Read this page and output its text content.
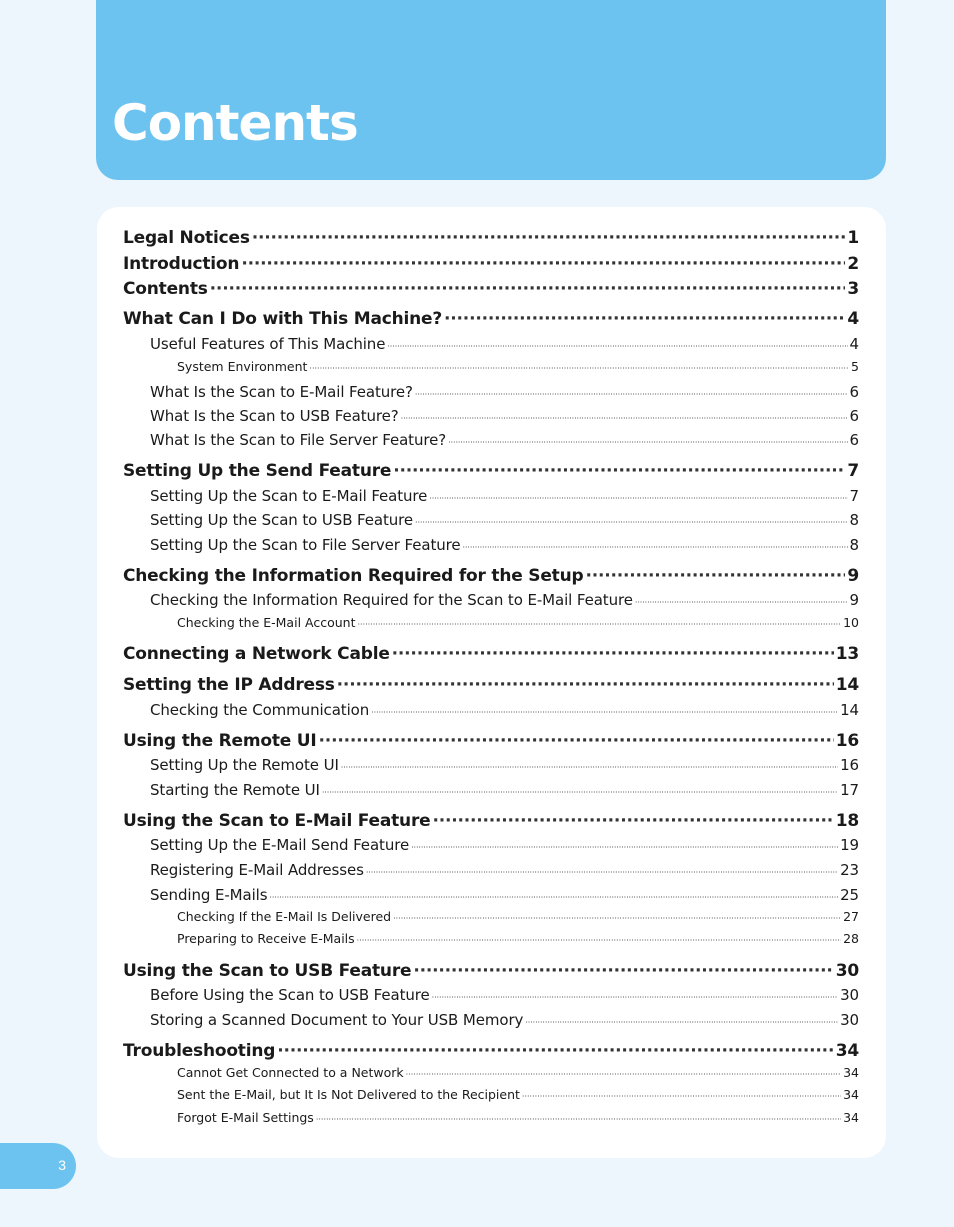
Contents
Legal Notices ·····	1
Introduction ·····	2
Contents ·····	3
What Can I Do with This Machine? ·····	4
Useful Features of This Machine ·····	4
System Environment ·····	5
What Is the Scan to E-Mail Feature? ·····	6
What Is the Scan to USB Feature? ·····	6
What Is the Scan to File Server Feature? ·····	6
Setting Up the Send Feature ·····	7
Setting Up the Scan to E-Mail Feature ·····	7
Setting Up the Scan to USB Feature ·····	8
Setting Up the Scan to File Server Feature ·····	8
Checking the Information Required for the Setup ·····	9
Checking the Information Required for the Scan to E-Mail Feature ·····	9
Checking the E-Mail Account ·····	10
Connecting a Network Cable ·····	13
Setting the IP Address ·····	14
Checking the Communication ·····	14
Using the Remote UI ·····	16
Setting Up the Remote UI ·····	16
Starting the Remote UI ·····	17
Using the Scan to E-Mail Feature ·····	18
Setting Up the E-Mail Send Feature ·····	19
Registering E-Mail Addresses ·····	23
Sending E-Mails ·····	25
Checking If the E-Mail Is Delivered ·····	27
Preparing to Receive E-Mails ·····	28
Using the Scan to USB Feature ·····	30
Before Using the Scan to USB Feature ·····	30
Storing a Scanned Document to Your USB Memory ·····	30
Troubleshooting ·····	34
Cannot Get Connected to a Network ·····	34
Sent the E-Mail, but It Is Not Delivered to the Recipient ·····	34
Forgot E-Mail Settings ·····	34
3
